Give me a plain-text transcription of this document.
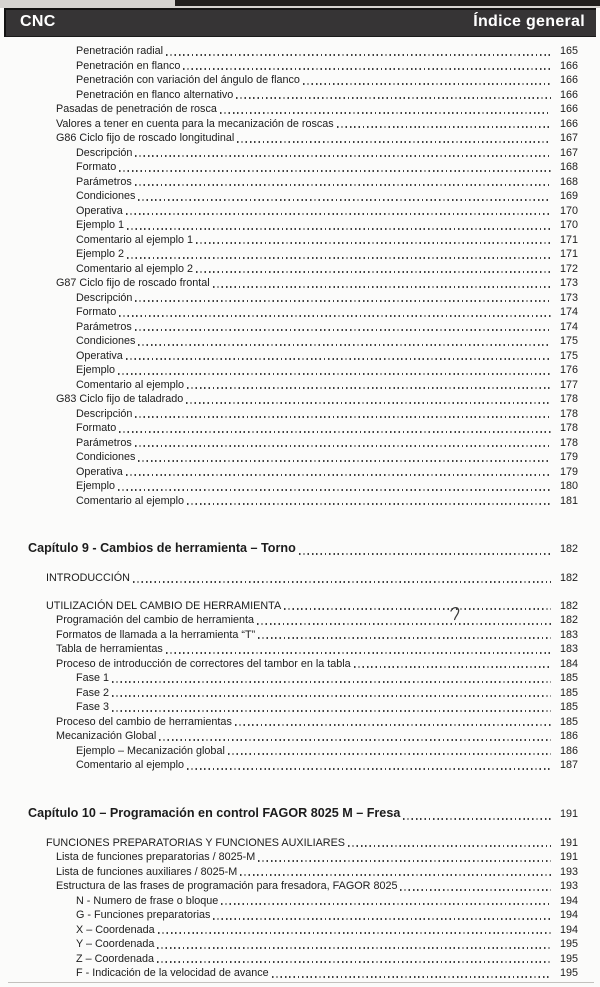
CNC	Índice general
Penetración radial	165
Penetración en flanco	166
Penetración con variación del ángulo de flanco	166
Penetración en flanco alternativo	166
Pasadas de penetración de rosca	166
Valores a tener en cuenta para la mecanización de roscas	166
G86 Ciclo fijo de roscado longitudinal	167
Descripción	167
Formato	168
Parámetros	168
Condiciones	169
Operativa	170
Ejemplo 1	170
Comentario al ejemplo 1	171
Ejemplo 2	171
Comentario al ejemplo 2	172
G87 Ciclo fijo de roscado frontal	173
Descripción	173
Formato	174
Parámetros	174
Condiciones	175
Operativa	175
Ejemplo	176
Comentario al ejemplo	177
G83 Ciclo fijo de taladrado	178
Descripción	178
Formato	178
Parámetros	178
Condiciones	179
Operativa	179
Ejemplo	180
Comentario al ejemplo	181
Capítulo 9 - Cambios de herramienta – Torno	182
INTRODUCCIÓN	182
UTILIZACIÓN DEL CAMBIO DE HERRAMIENTA	182
Programación del cambio de herramienta	182
Formatos de llamada a la herramienta “T”	183
Tabla de herramientas	183
Proceso de introducción de correctores del tambor en la tabla	184
Fase 1	185
Fase 2	185
Fase 3	185
Proceso del cambio de herramientas	185
Mecanización Global	186
Ejemplo – Mecanización global	186
Comentario al ejemplo	187
Capítulo 10 – Programación en control FAGOR 8025 M – Fresa	191
FUNCIONES PREPARATORIAS Y FUNCIONES AUXILIARES	191
Lista de funciones preparatorias / 8025-M	191
Lista de funciones auxiliares / 8025-M	193
Estructura de las frases de programación para fresadora, FAGOR 8025	193
N - Numero de frase o bloque	194
G - Funciones preparatorias	194
X – Coordenada	194
Y – Coordenada	195
Z – Coordenada	195
F - Indicación de la velocidad de avance	195
